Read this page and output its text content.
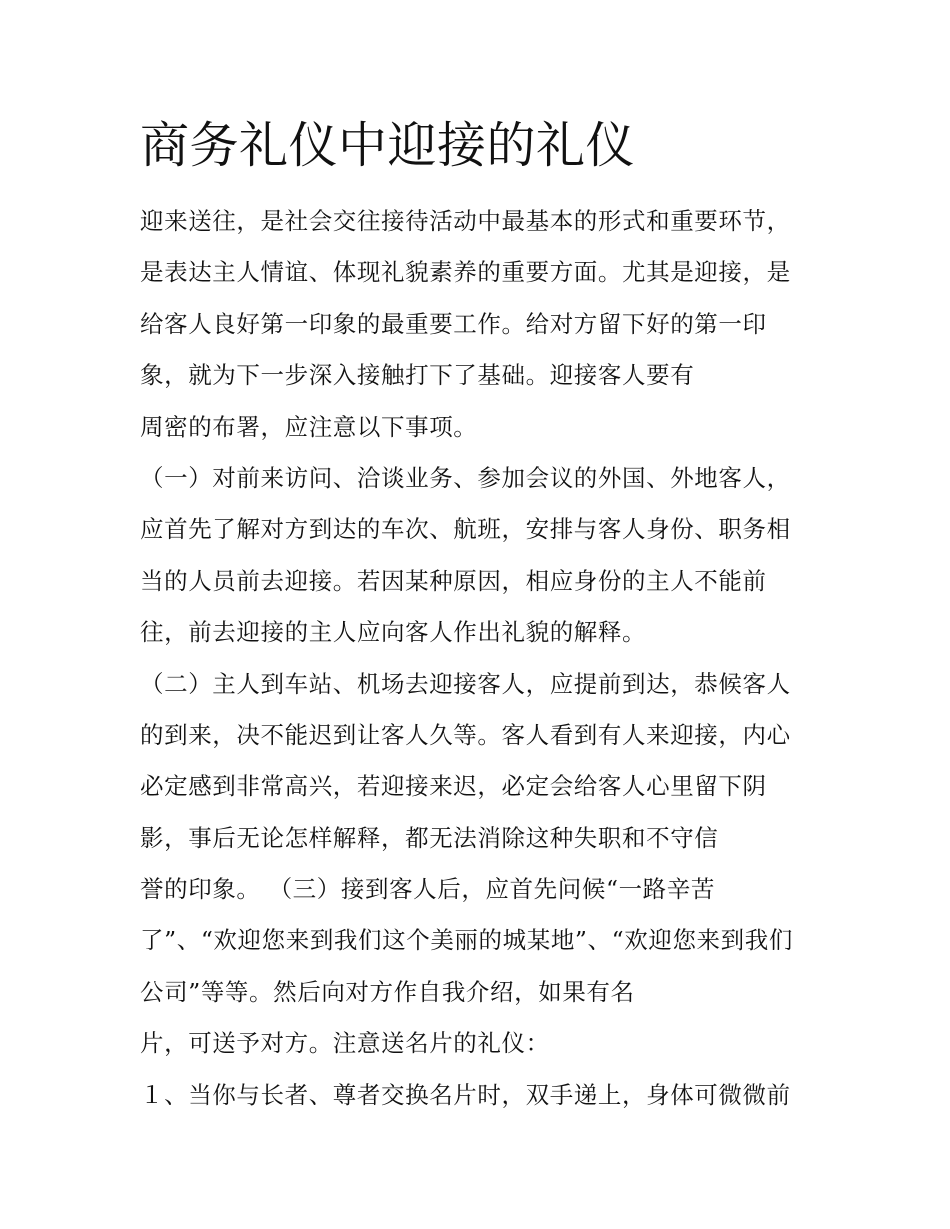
商务礼仪中迎接的礼仪
迎来送往，是社会交往接待活动中最基本的形式和重要环节，
是表达主人情谊、体现礼貌素养的重要方面。尤其是迎接，是
给客人良好第一印象的最重要工作。给对方留下好的第一印
象，就为下一步深入接触打下了基础。迎接客人要有
周密的布署，应注意以下事项。
（一）对前来访问、洽谈业务、参加会议的外国、外地客人，
应首先了解对方到达的车次、航班，安排与客人身份、职务相
当的人员前去迎接。若因某种原因，相应身份的主人不能前
往，前去迎接的主人应向客人作出礼貌的解释。
（二）主人到车站、机场去迎接客人，应提前到达，恭候客人
的到来，决不能迟到让客人久等。客人看到有人来迎接，内心
必定感到非常高兴，若迎接来迟，必定会给客人心里留下阴
影，事后无论怎样解释，都无法消除这种失职和不守信
誉的印象。 （三）接到客人后，应首先问候“一路辛苦
了”、“欢迎您来到我们这个美丽的城某地”、“欢迎您来到我们
公司”等等。然后向对方作自我介绍，如果有名
片，可送予对方。注意送名片的礼仪：
１、当你与长者、尊者交换名片时，双手递上，身体可微微前
